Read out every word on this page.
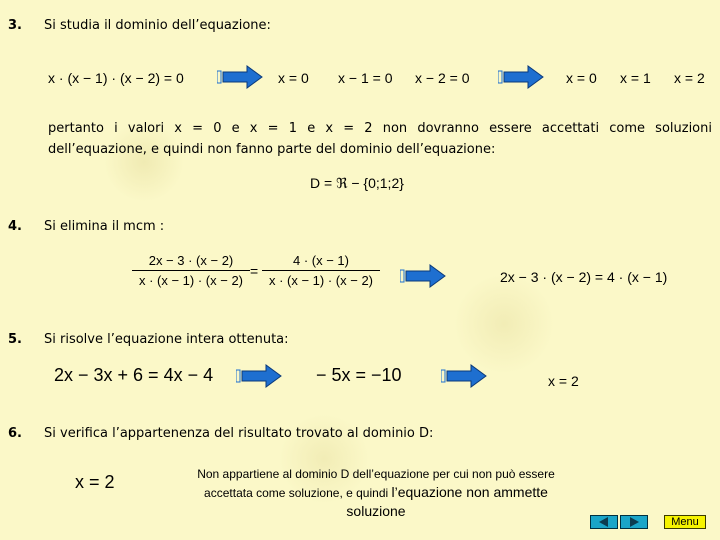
3. Si studia il dominio dell’equazione:
x · (x − 1) · (x − 2) = 0	x = 0 x − 1 = 0 x − 2 = 0	x = 0 x = 1 x = 2
pertanto i valori x = 0 e x = 1 e x = 2 non dovranno essere accettati come soluzioni
dell’equazione, e quindi non fanno parte del dominio dell’equazione:
D = ℜ − {0;1;2}
4. Si elimina il mcm :
2x − 3 · (x − 2)
x · (x − 1) · (x − 2)
=
4 · (x − 1)
x · (x − 1) · (x − 2)	2x − 3 · (x − 2) = 4 · (x − 1)
5. Si risolve l’equazione intera ottenuta:
2x − 3x + 6 = 4x − 4	− 5x = −10	x = 2
6. Si verifica l’appartenenza del risultato trovato al dominio D:
x = 2	Non appartiene al dominio D dell’equazione per cui non può essere
accettata come soluzione, e quindi l’equazione non ammette
soluzione
Menu
